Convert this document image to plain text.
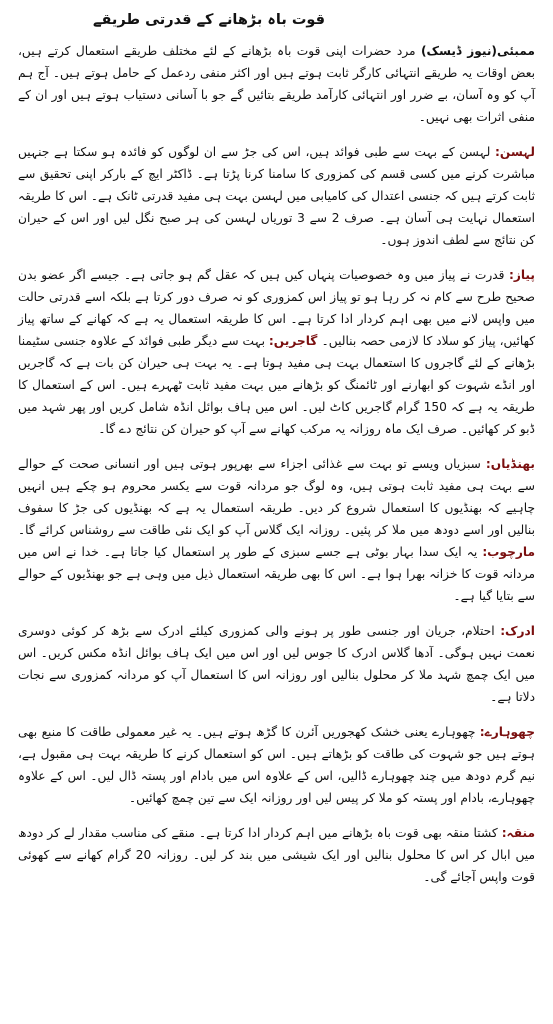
قوت باہ بڑھانے کے قدرتی طریقے

ممبئی(نیوز ڈیسک) مرد حضرات اپنی قوت باہ بڑھانے کے لئے مختلف طریقے استعمال کرتے ہیں، بعض اوقات یہ طریقے انتہائی کارگر ثابت ہوتے ہیں اور اکثر منفی ردعمل کے حامل ہوتے ہیں۔ آج ہم آپ کو وہ آسان، بے ضرر اور انتہائی کارآمد طریقے بتائیں گے جو با آسانی دستیاب ہوتے ہیں اور ان کے منفی اثرات بھی نہیں۔

لہسن: لہسن کے بہت سے طبی فوائد ہیں، اس کی جڑ سے ان لوگوں کو فائدہ ہو سکتا ہے جنہیں مباشرت کرنے میں کسی قسم کی کمزوری کا سامنا کرنا پڑتا ہے۔ ڈاکٹر ایچ کے بارکر اپنی تحقیق سے ثابت کرتے ہیں کہ جنسی اعتدال کی کامیابی میں لہسن بہت ہی مفید قدرتی ٹانک ہے۔ اس کا طریقہ استعمال نہایت ہی آسان ہے۔ صرف 2 سے 3 توریاں لہسن کی ہر صبح نگل لیں اور اس کے حیران کن نتائج سے لطف اندوز ہوں۔

پیاز: قدرت نے پیاز میں وہ خصوصیات پنہاں کیں ہیں کہ عقل گم ہو جاتی ہے۔ جیسے اگر عضو بدن صحیح طرح سے کام نہ کر رہا ہو تو پیاز اس کمزوری کو نہ صرف دور کرتا ہے بلکہ اسے قدرتی حالت میں واپس لانے میں بھی اہم کردار ادا کرتا ہے۔ اس کا طریقہ استعمال یہ ہے کہ کھانے کے ساتھ پیاز کھائیں، پیاز کو سلاد کا لازمی حصہ بنالیں۔ گاجریں: بہت سے دیگر طبی فوائد کے علاوہ جنسی سٹیمنا بڑھانے کے لئے گاجروں کا استعمال بہت ہی مفید ہوتا ہے۔ یہ بہت ہی حیران کن بات ہے کہ گاجریں اور انڈے شہوت کو ابھارنے اور ٹائمنگ کو بڑھانے میں بہت مفید ثابت ٹھہرے ہیں۔ اس کے استعمال کا طریقہ یہ ہے کہ 150 گرام گاجریں کاٹ لیں۔ اس میں ہاف بوائل انڈہ شامل کریں اور پھر شہد میں ڈبو کر کھائیں۔ صرف ایک ماہ روزانہ یہ مرکب کھانے سے آپ کو حیران کن نتائج دے گا۔

بھنڈیاں: سبزیاں ویسے تو بہت سے غذائی اجزاء سے بھرپور ہوتی ہیں اور انسانی صحت کے حوالے سے بہت ہی مفید ثابت ہوتی ہیں، وہ لوگ جو مردانہ قوت سے یکسر محروم ہو چکے ہیں انہیں چاہیے کہ بھنڈیوں کا استعمال شروع کر دیں۔ طریقہ استعمال یہ ہے کہ بھنڈیوں کی جڑ کا سفوف بنالیں اور اسے دودھ میں ملا کر پئیں۔ روزانہ ایک گلاس آپ کو ایک نئی طاقت سے روشناس کرائے گا۔ مارچوب: یہ ایک سدا بہار بوٹی ہے جسے سبزی کے طور پر استعمال کیا جاتا ہے۔ خدا نے اس میں مردانہ قوت کا خزانہ بھرا ہوا ہے۔ اس کا بھی طریقہ استعمال ذیل میں وہی ہے جو بھنڈیوں کے حوالے سے بتایا گیا ہے۔

ادرک: احتلام، جریان اور جنسی طور پر ہونے والی کمزوری کیلئے ادرک سے بڑھ کر کوئی دوسری نعمت نہیں ہوگی۔ آدھا گلاس ادرک کا جوس لیں اور اس میں ایک ہاف بوائل انڈہ مکس کریں۔ اس میں ایک چمچ شہد ملا کر محلول بنالیں اور روزانہ اس کا استعمال آپ کو مردانہ کمزوری سے نجات دلاتا ہے۔

چھوہارے: چھوہارے یعنی خشک کھجوریں آئرن کا گڑھ ہوتے ہیں۔ یہ غیر معمولی طاقت کا منبع بھی ہوتے ہیں جو شہوت کی طاقت کو بڑھاتے ہیں۔ اس کو استعمال کرنے کا طریقہ بہت ہی مقبول ہے، نیم گرم دودھ میں چند چھوہارے ڈالیں، اس کے علاوہ اس میں بادام اور پستہ ڈال لیں۔ اس کے علاوہ چھوہارے، بادام اور پستہ کو ملا کر پیس لیں اور روزانہ ایک سے تین چمچ کھائیں۔

منقہ: کشتا منقہ بھی قوت باہ بڑھانے میں اہم کردار ادا کرتا ہے۔ منقے کی مناسب مقدار لے کر دودھ میں ابال کر اس کا محلول بنالیں اور ایک شیشی میں بند کر لیں۔ روزانہ 20 گرام کھانے سے کھوئی قوت واپس آجائے گی۔
